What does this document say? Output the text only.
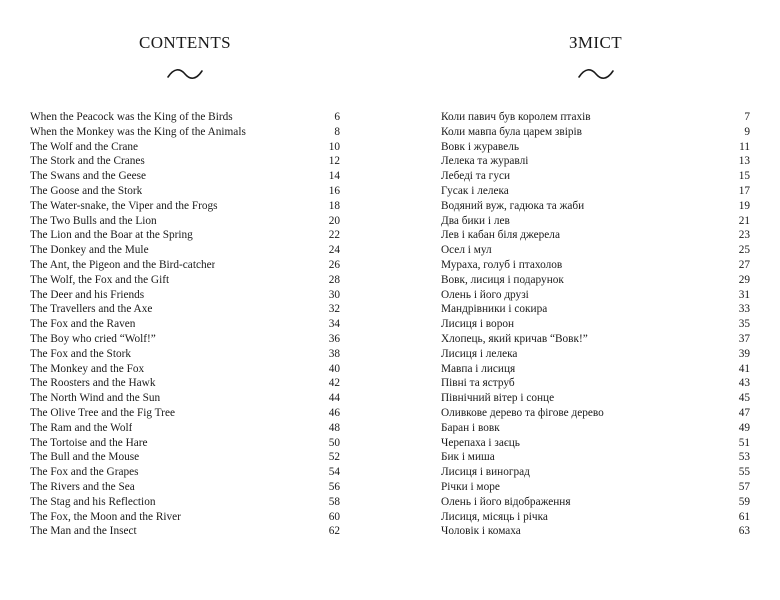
CONTENTS
When the Peacock was the King of the Birds	6
When the Monkey was the King of the Animals	8
The Wolf and the Crane	10
The Stork and the Cranes	12
The Swans and the Geese	14
The Goose and the Stork	16
The Water-snake, the Viper and the Frogs	18
The Two Bulls and the Lion	20
The Lion and the Boar at the Spring	22
The Donkey and the Mule	24
The Ant, the Pigeon and the Bird-catcher	26
The Wolf, the Fox and the Gift	28
The Deer and his Friends	30
The Travellers and the Axe	32
The Fox and the Raven	34
The Boy who cried “Wolf!”	36
The Fox and the Stork	38
The Monkey and the Fox	40
The Roosters and the Hawk	42
The North Wind and the Sun	44
The Olive Tree and the Fig Tree	46
The Ram and the Wolf	48
The Tortoise and the Hare	50
The Bull and the Mouse	52
The Fox and the Grapes	54
The Rivers and the Sea	56
The Stag and his Reflection	58
The Fox, the Moon and the River	60
The Man and the Insect	62
ЗМІСТ
Коли павич був королем птахів	7
Коли мавпа була царем звірів	9
Вовк і журавель	11
Лелека та журавлі	13
Лебеді та гуси	15
Гусак і лелека	17
Водяний вуж, гадюка та жаби	19
Два бики і лев	21
Лев і кабан біля джерела	23
Осел і мул	25
Мураха, голуб і птахолов	27
Вовк, лисиця і подарунок	29
Олень і його друзі	31
Мандрівники і сокира	33
Лисиця і ворон	35
Хлопець, який кричав “Вовк!”	37
Лисиця і лелека	39
Мавпа і лисиця	41
Півні та яструб	43
Північний вітер і сонце	45
Оливкове дерево та фігове дерево	47
Баран і вовк	49
Черепаха і заєць	51
Бик і миша	53
Лисиця і виноград	55
Річки і море	57
Олень і його відображення	59
Лисиця, місяць і річка	61
Чоловік і комаха	63
